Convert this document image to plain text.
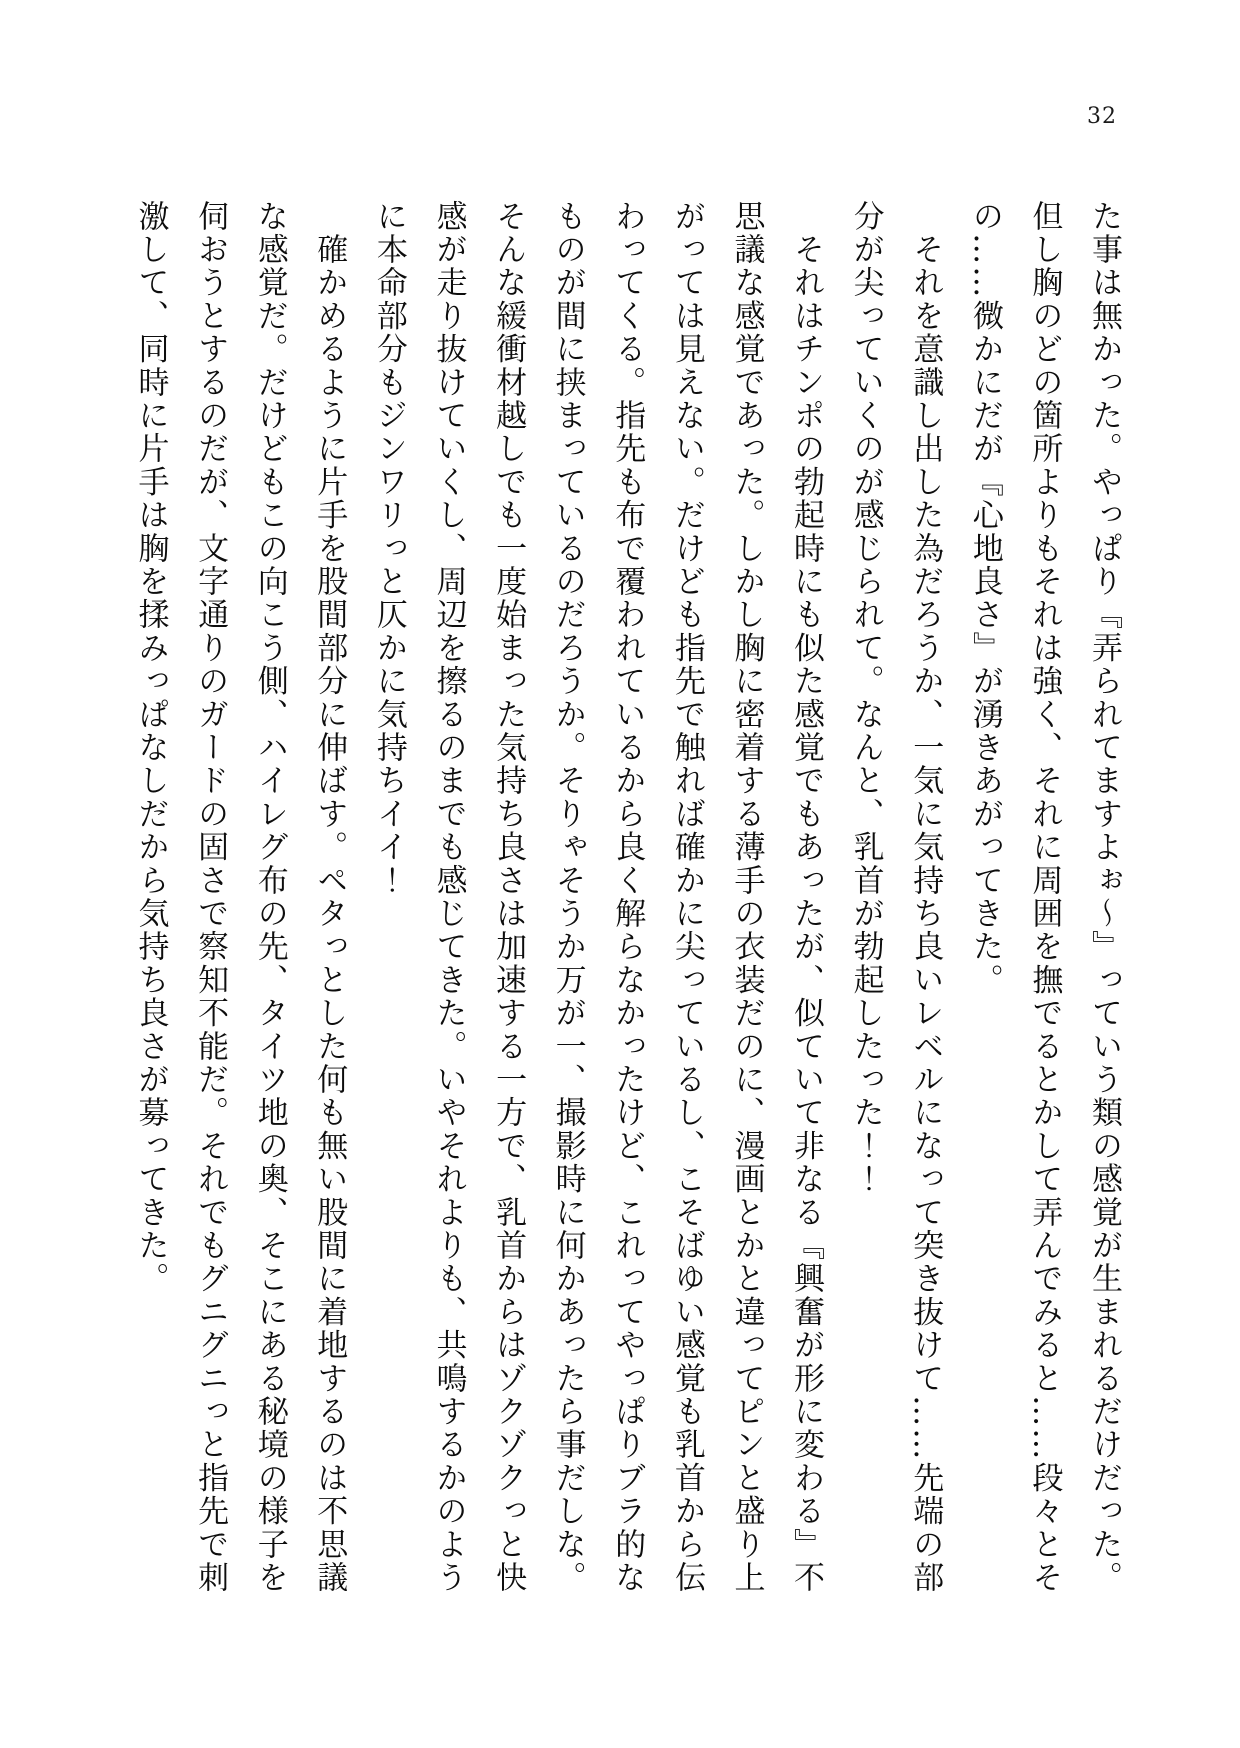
32

た事は無かった。やっぱり『弄られてますよぉ〜』っていう類の感覚が生まれるだけだった。

但し胸のどの箇所よりもそれは強く、それに周囲を撫でるとかして弄んでみると……段々とそ

の……微かにだが『心地良さ』が湧きあがってきた。

　それを意識し出した為だろうか、一気に気持ち良いレベルになって突き抜けて……先端の部

分が尖っていくのが感じられて。なんと、乳首が勃起したった！！

　それはチンポの勃起時にも似た感覚でもあったが、似ていて非なる『興奮が形に変わる』不

思議な感覚であった。しかし胸に密着する薄手の衣装だのに、漫画とかと違ってピンと盛り上

がっては見えない。だけども指先で触れば確かに尖っているし、こそばゆい感覚も乳首から伝

わってくる。指先も布で覆われているから良く解らなかったけど、これってやっぱりブラ的な

ものが間に挟まっているのだろうか。そりゃそうか万が一、撮影時に何かあったら事だしな。

そんな緩衝材越しでも一度始まった気持ち良さは加速する一方で、乳首からはゾクゾクっと快

感が走り抜けていくし、周辺を擦るのまでも感じてきた。いやそれよりも、共鳴するかのよう

に本命部分もジンワリっと仄かに気持ちイイ！

　確かめるように片手を股間部分に伸ばす。ペタっとした何も無い股間に着地するのは不思議

な感覚だ。だけどもこの向こう側、ハイレグ布の先、タイツ地の奥、そこにある秘境の様子を

伺おうとするのだが、文字通りのガードの固さで察知不能だ。それでもグニグニっと指先で刺

激して、同時に片手は胸を揉みっぱなしだから気持ち良さが募ってきた。
